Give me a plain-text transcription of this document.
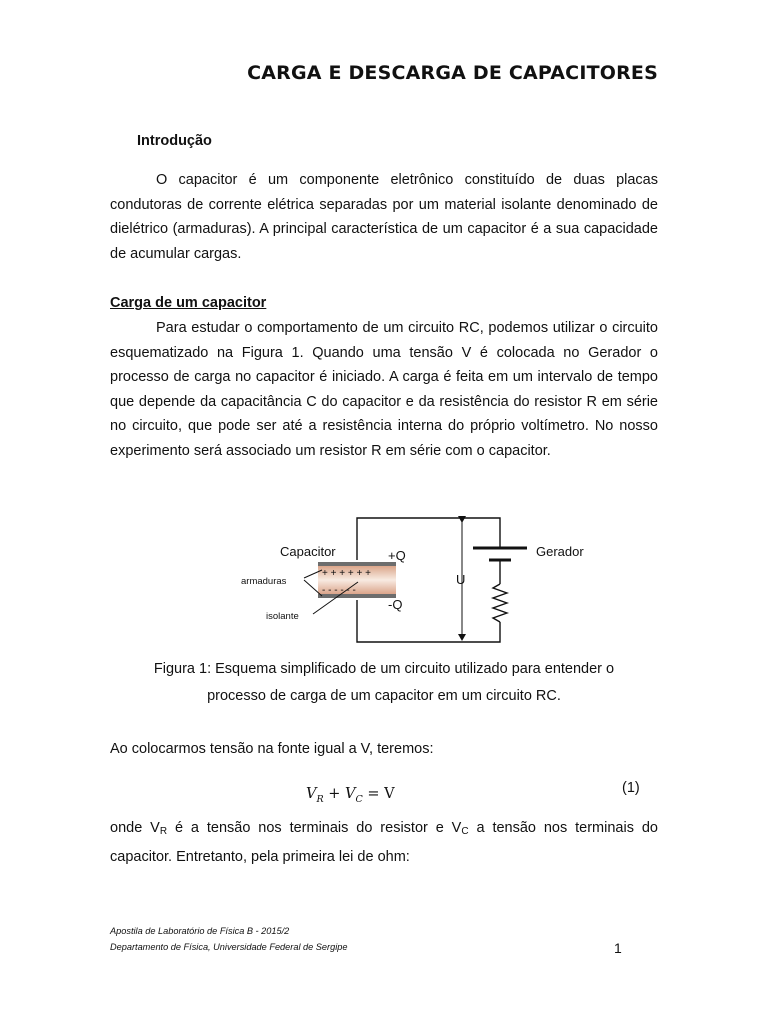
CARGA E DESCARGA DE CAPACITORES
Introdução

O capacitor é um componente eletrônico constituído de duas placas condutoras de corrente elétrica separadas por um material isolante denominado de dielétrico (armaduras). A principal característica de um capacitor é a sua capacidade de acumular cargas.

Carga de um capacitor

Para estudar o comportamento de um circuito RC, podemos utilizar o circuito esquematizado na Figura 1. Quando uma tensão V é colocada no Gerador o processo de carga no capacitor é iniciado. A carga é feita em um intervalo de tempo que depende da capacitância C do capacitor e da resistência do resistor R em série no circuito, que pode ser até a resistência interna do próprio voltímetro. No nosso experimento será associado um resistor R em série com o capacitor.

+ + + + + +
- - - - - -
Capacitor	+Q
-Q
armaduras
isolante
U
Gerador
Figura 1: Esquema simplificado de um circuito utilizado para entender o
processo de carga de um capacitor em um circuito RC.
Ao colocarmos tensão na fonte igual a V, teremos:
$V_R + V_C = V$	(1)

onde $V_R$ é a tensão nos terminais do resistor e $V_C$ a tensão nos terminais do capacitor. Entretanto, pela primeira lei de ohm:

Apostila de Laboratório de Física B - 2015/2
Departamento de Física, Universidade Federal de Sergipe	1
